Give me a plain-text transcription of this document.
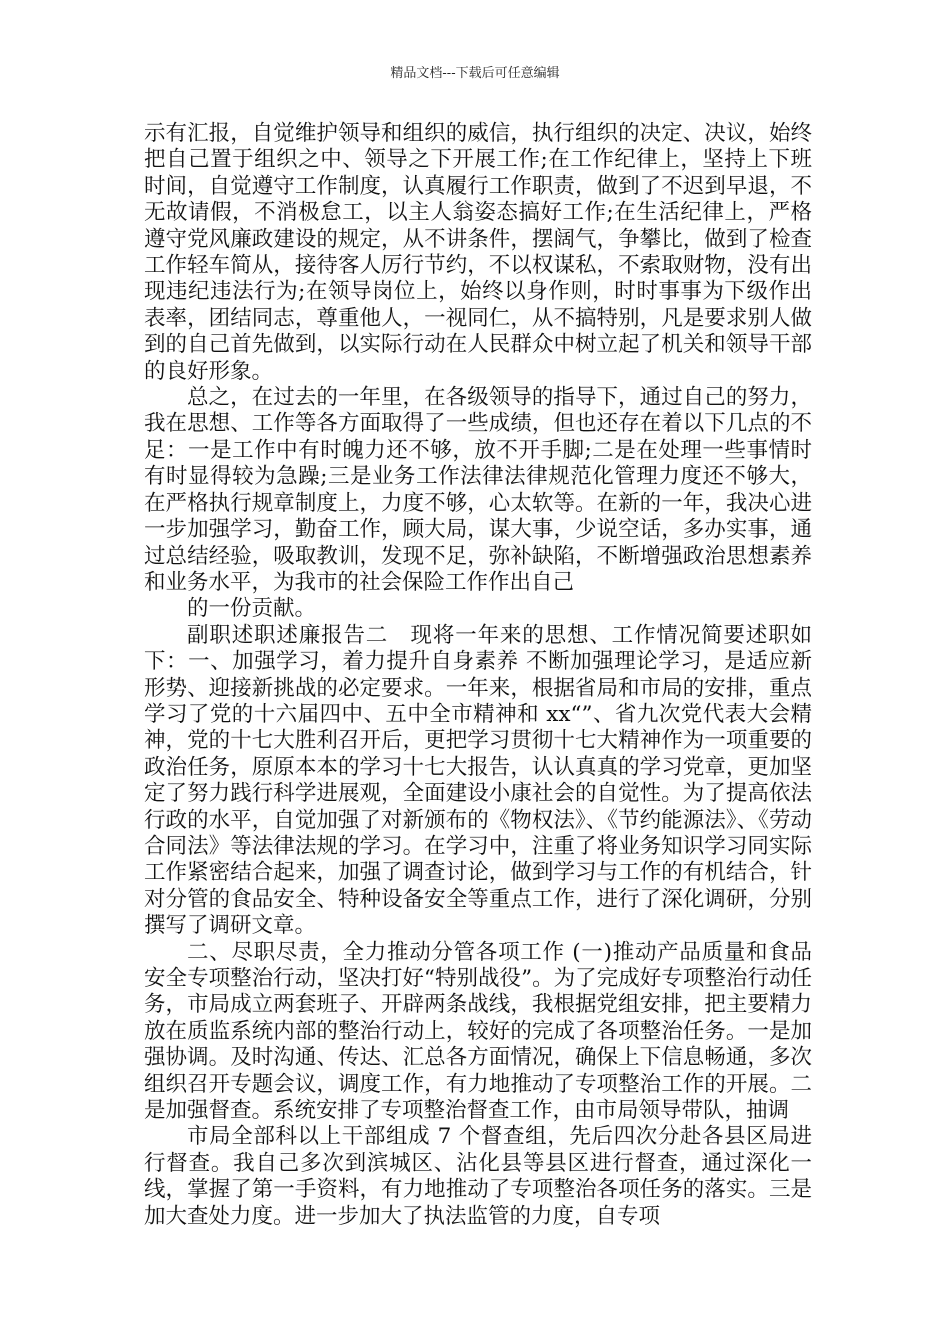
精品文档---下载后可任意编辑

示有汇报，自觉维护领导和组织的威信，执行组织的决定、决议，始终把自己置于组织之中、领导之下开展工作;在工作纪律上，坚持上下班时间，自觉遵守工作制度，认真履行工作职责，做到了不迟到早退，不无故请假，不消极怠工，以主人翁姿态搞好工作;在生活纪律上，严格遵守党风廉政建设的规定，从不讲条件，摆阔气，争攀比，做到了检查工作轻车简从，接待客人厉行节约，不以权谋私，不索取财物，没有出现违纪违法行为;在领导岗位上，始终以身作则，时时事事为下级作出表率，团结同志，尊重他人，一视同仁，从不搞特别，凡是要求别人做到的自己首先做到，以实际行动在人民群众中树立起了机关和领导干部的良好形象。

总之，在过去的一年里，在各级领导的指导下，通过自己的努力，我在思想、工作等各方面取得了一些成绩，但也还存在着以下几点的不足：一是工作中有时魄力还不够，放不开手脚;二是在处理一些事情时有时显得较为急躁;三是业务工作法律法律规范化管理力度还不够大，在严格执行规章制度上，力度不够，心太软等。在新的一年，我决心进一步加强学习，勤奋工作，顾大局，谋大事，少说空话，多办实事，通过总结经验，吸取教训，发现不足，弥补缺陷，不断增强政治思想素养和业务水平，为我市的社会保险工作作出自己

的一份贡献。

副职述职述廉报告二　现将一年来的思想、工作情况简要述职如下：一、加强学习，着力提升自身素养 不断加强理论学习，是适应新形势、迎接新挑战的必定要求。一年来，根据省局和市局的安排，重点学习了党的十六届四中、五中全市精神和 xx“”、省九次党代表大会精神，党的十七大胜利召开后，更把学习贯彻十七大精神作为一项重要的政治任务，原原本本的学习十七大报告，认认真真的学习党章，更加坚定了努力践行科学进展观，全面建设小康社会的自觉性。为了提高依法行政的水平，自觉加强了对新颁布的《物权法》、《节约能源法》、《劳动合同法》等法律法规的学习。在学习中，注重了将业务知识学习同实际工作紧密结合起来，加强了调查讨论，做到学习与工作的有机结合，针对分管的食品安全、特种设备安全等重点工作，进行了深化调研，分别撰写了调研文章。

二、尽职尽责，全力推动分管各项工作 (一)推动产品质量和食品安全专项整治行动，坚决打好“特别战役”。为了完成好专项整治行动任务，市局成立两套班子、开辟两条战线，我根据党组安排，把主要精力放在质监系统内部的整治行动上，较好的完成了各项整治任务。一是加强协调。及时沟通、传达、汇总各方面情况，确保上下信息畅通，多次组织召开专题会议，调度工作，有力地推动了专项整治工作的开展。二是加强督查。系统安排了专项整治督查工作，由市局领导带队，抽调

市局全部科以上干部组成 7 个督查组，先后四次分赴各县区局进行督查。我自己多次到滨城区、沾化县等县区进行督查，通过深化一线，掌握了第一手资料，有力地推动了专项整治各项任务的落实。三是加大查处力度。进一步加大了执法监管的力度，自专项
